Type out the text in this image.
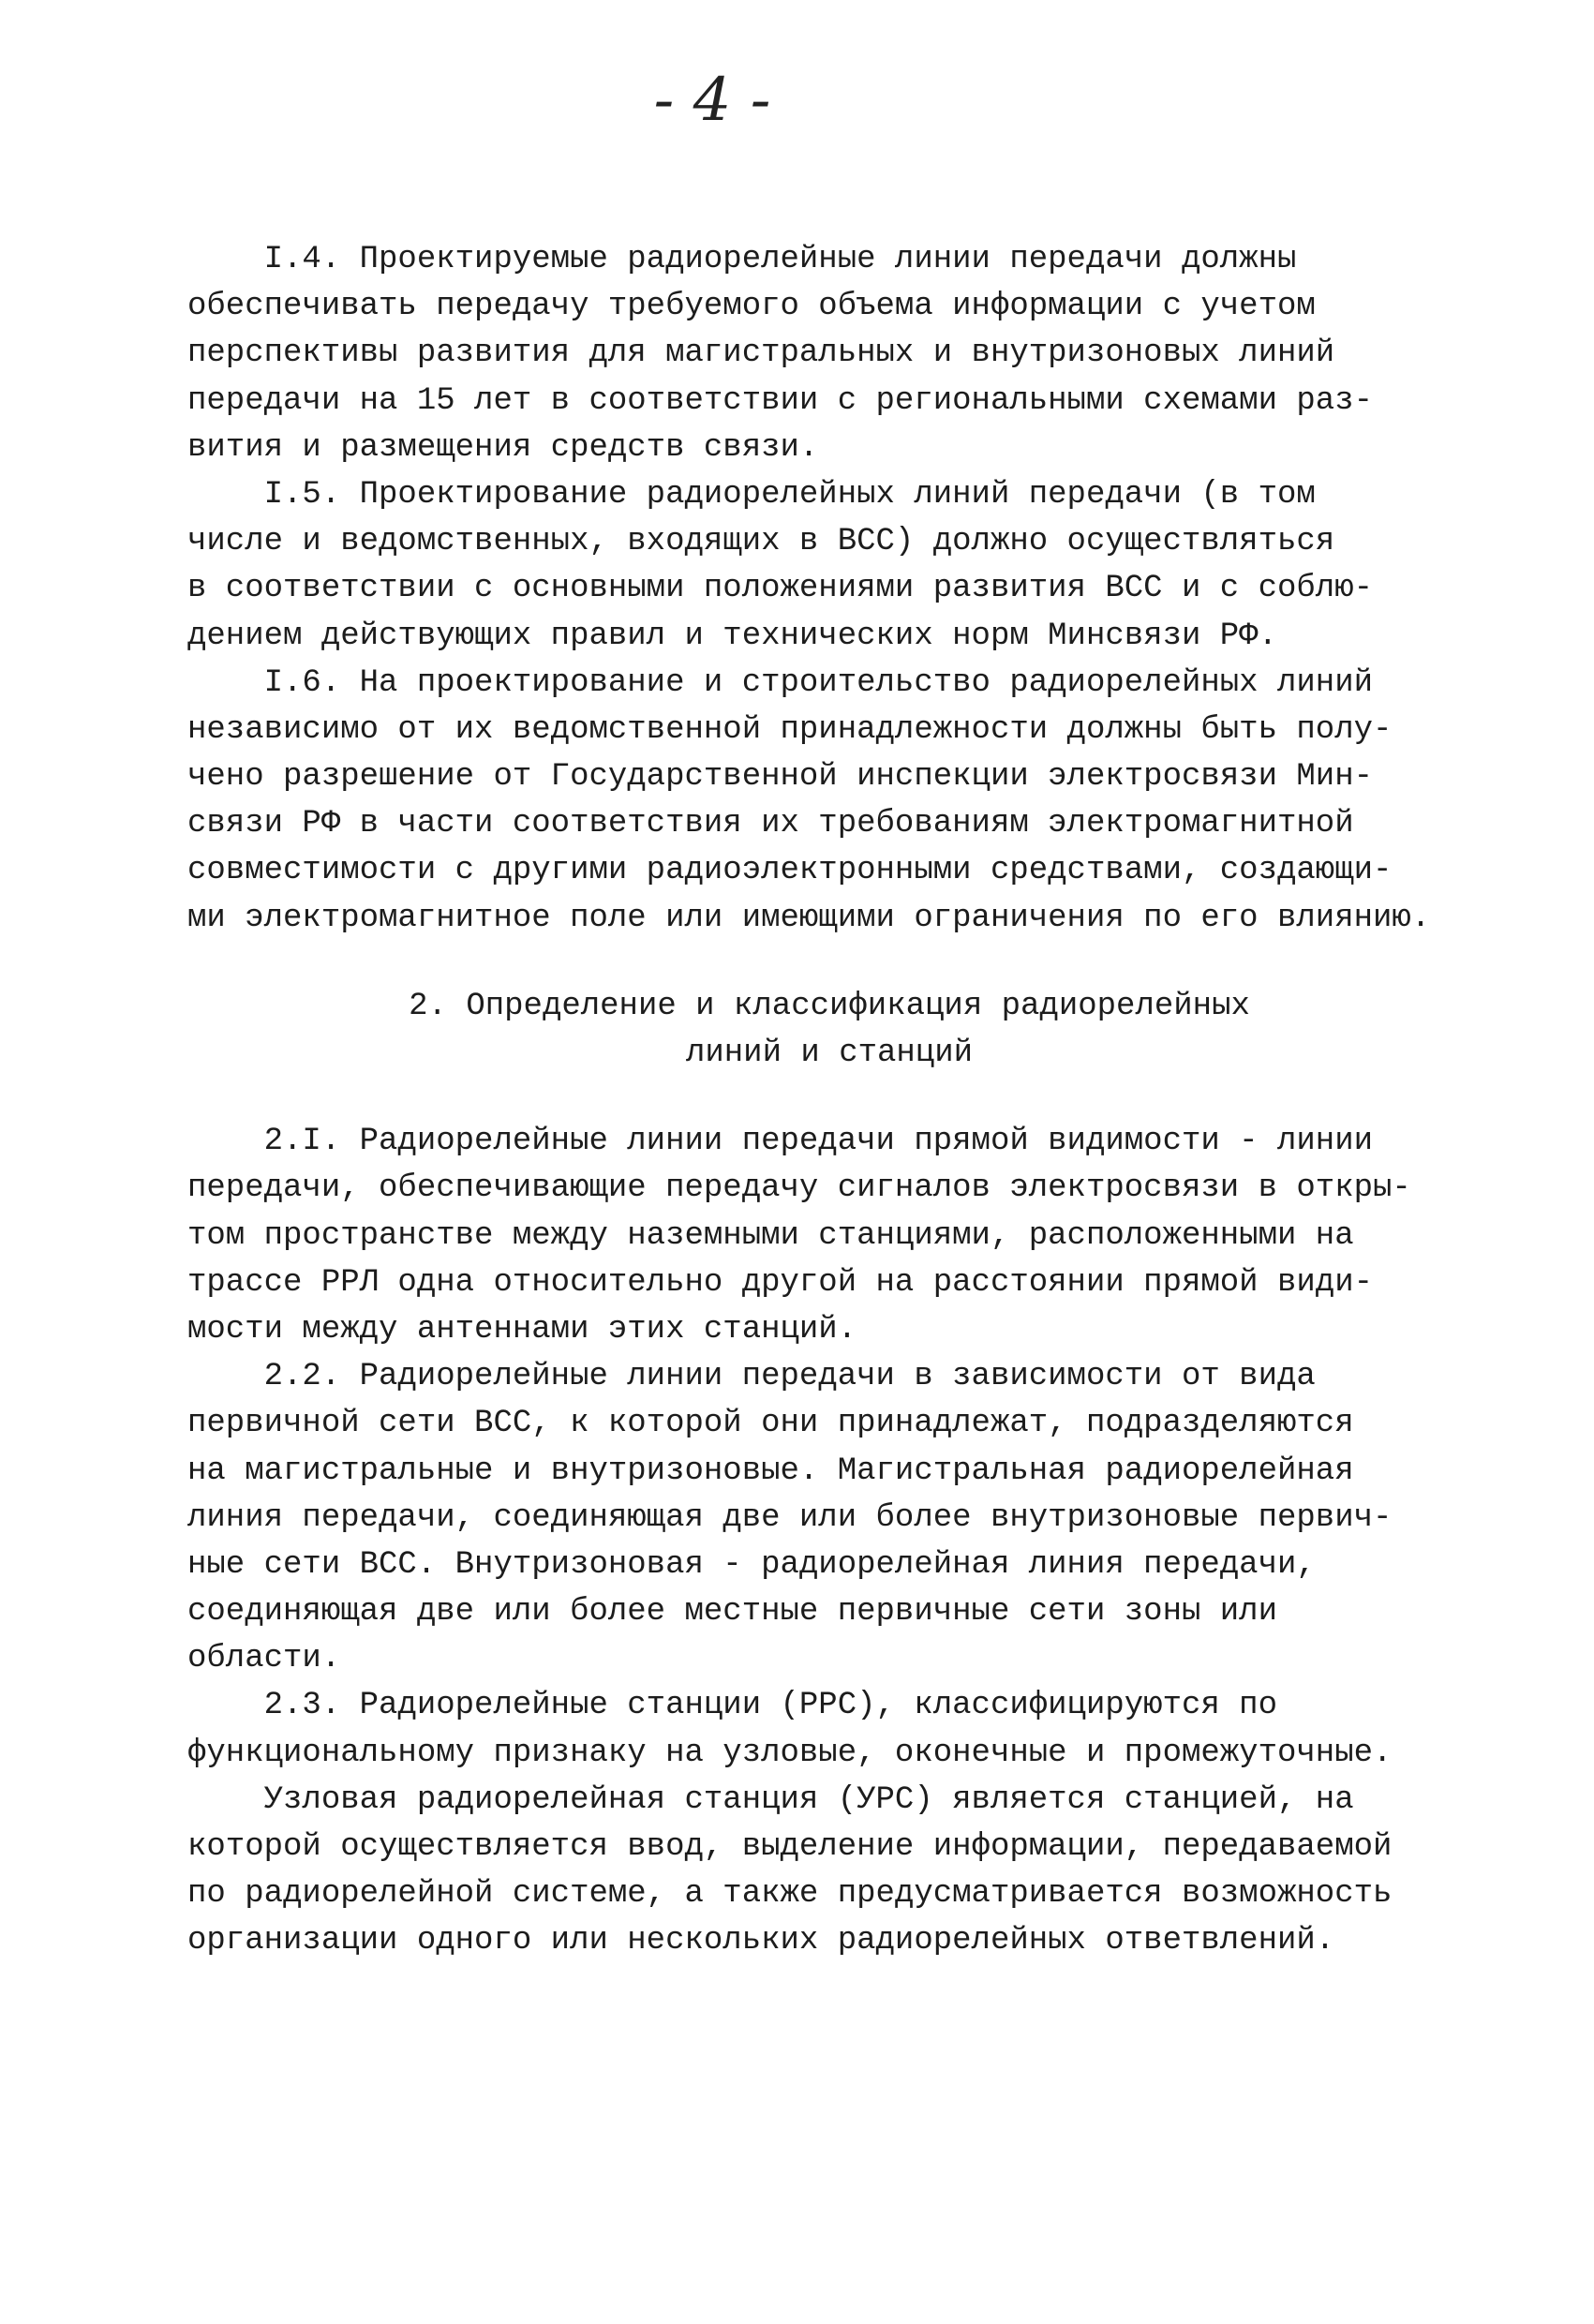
- 4 -
I.4. Проектируемые радиорелейные линии передачи должны
обеспечивать передачу требуемого объема информации с учетом
перспективы развития для магистральных и внутризоновых линий
передачи на 15 лет в соответствии с региональными схемами раз-
вития и размещения средств связи.
I.5. Проектирование радиорелейных линий передачи (в том
числе и ведомственных, входящих в ВСС) должно осуществляться
в соответствии с основными положениями развития ВСС и с соблю-
дением действующих правил и технических норм Минсвязи РФ.
I.6. На проектирование и строительство радиорелейных линий
независимо от их ведомственной принадлежности должны быть полу-
чено разрешение от Государственной инспекции электросвязи Мин-
связи РФ в части соответствия их требованиям электромагнитной
совместимости с другими радиоэлектронными средствами, создающи-
ми электромагнитное поле или имеющими ограничения по его влиянию.
2. Определение и классификация радиорелейных
линий и станций
2.I. Радиорелейные линии передачи прямой видимости - линии
передачи, обеспечивающие передачу сигналов электросвязи в откры-
том пространстве между наземными станциями, расположенными на
трассе РРЛ одна относительно другой на расстоянии прямой види-
мости между антеннами этих станций.
2.2. Радиорелейные линии передачи в зависимости от вида
первичной сети ВСС, к которой они принадлежат, подразделяются
на магистральные и внутризоновые. Магистральная радиорелейная
линия передачи, соединяющая две или более внутризоновые первич-
ные сети ВСС. Внутризоновая - радиорелейная линия передачи,
соединяющая две или более местные первичные сети зоны или
области.
2.3. Радиорелейные станции (РРС), классифицируются по
функциональному признаку на узловые, оконечные и промежуточные.
Узловая радиорелейная станция (УРС) является станцией, на
которой осуществляется ввод, выделение информации, передаваемой
по радиорелейной системе, а также предусматривается возможность
организации одного или нескольких радиорелейных ответвлений.
